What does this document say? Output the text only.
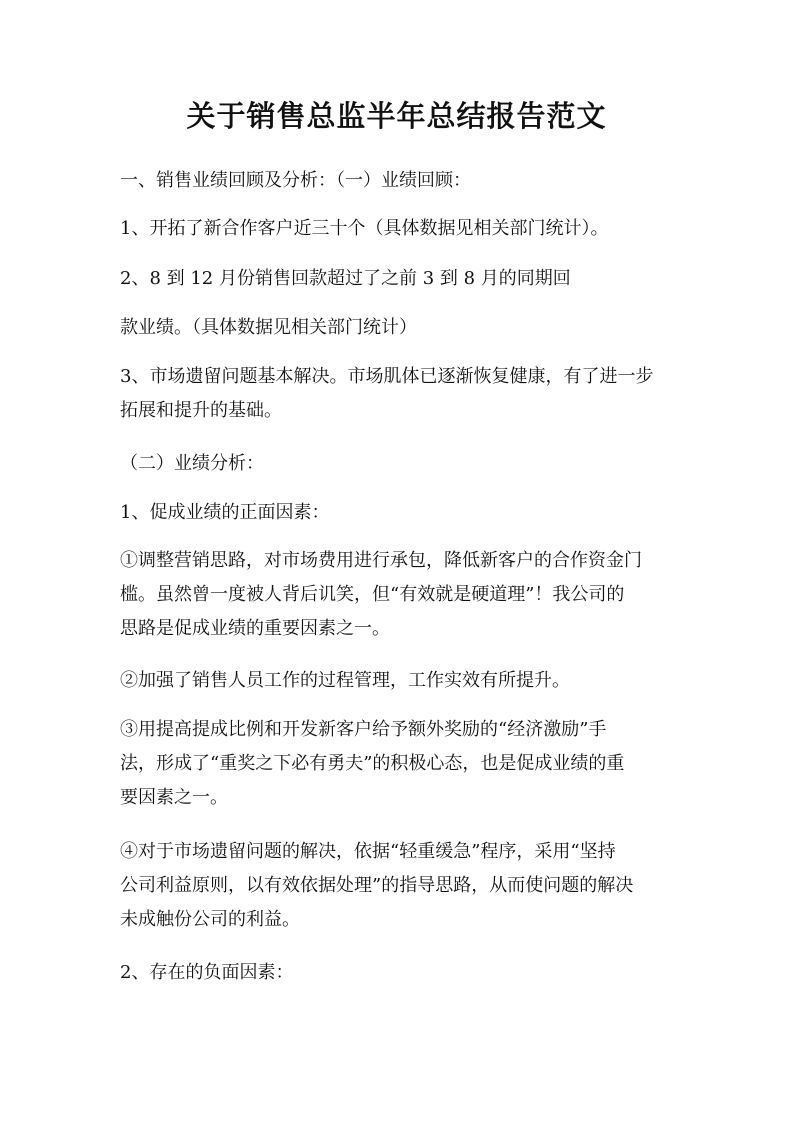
关于销售总监半年总结报告范文

一、销售业绩回顾及分析：（一）业绩回顾：

1、开拓了新合作客户近三十个（具体数据见相关部门统计）。

2、8 到 12 月份销售回款超过了之前 3 到 8 月的同期回

款业绩。（具体数据见相关部门统计）

3、市场遗留问题基本解决。市场肌体已逐渐恢复健康，有了进一步
拓展和提升的基础。

（二）业绩分析：

1、促成业绩的正面因素：

①调整营销思路，对市场费用进行承包，降低新客户的合作资金门
槛。虽然曾一度被人背后讥笑，但“有效就是硬道理”！我公司的
思路是促成业绩的重要因素之一。

②加强了销售人员工作的过程管理，工作实效有所提升。

③用提高提成比例和开发新客户给予额外奖励的“经济激励”手
法，形成了“重奖之下必有勇夫”的积极心态，也是促成业绩的重
要因素之一。

④对于市场遗留问题的解决，依据“轻重缓急”程序，采用“坚持
公司利益原则，以有效依据处理”的指导思路，从而使问题的解决
未成触份公司的利益。

2、存在的负面因素：
